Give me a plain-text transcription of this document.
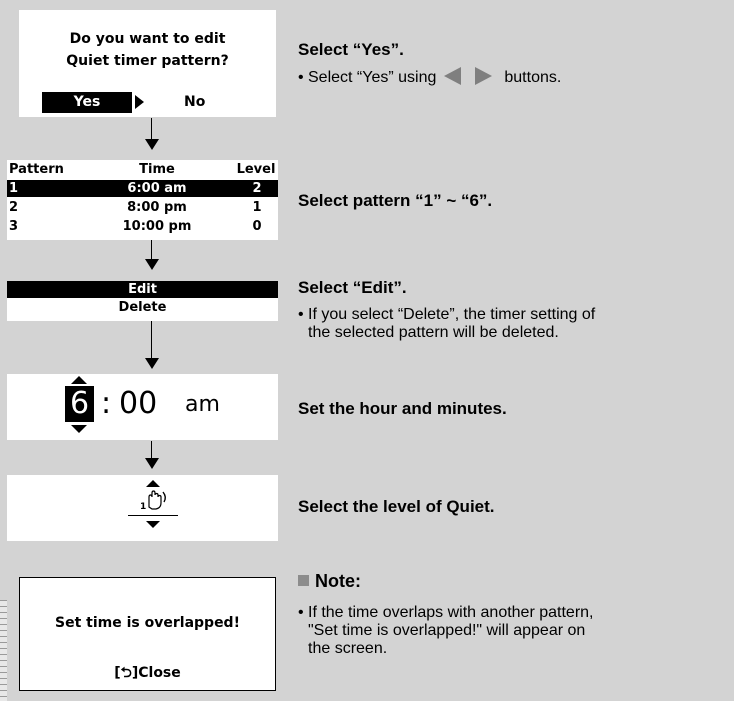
Do you want to edit
Quiet timer pattern?
Yes	No
Pattern	Time	Level
1	6:00 am	2
2	8:00 pm	1
3	10:00 pm	0
Edit
Delete
6 : 00 am
1
Set time is overlapped!
[⮌]Close
Select “Yes”.
• Select “Yes” using	buttons.
Select pattern “1” ~ “6”.
Select “Edit”.
• If you select “Delete”, the timer setting of
the selected pattern will be deleted.
Set the hour and minutes.
Select the level of Quiet.
Note:
• If the time overlaps with another pattern,
"Set time is overlapped!" will appear on
the screen.
